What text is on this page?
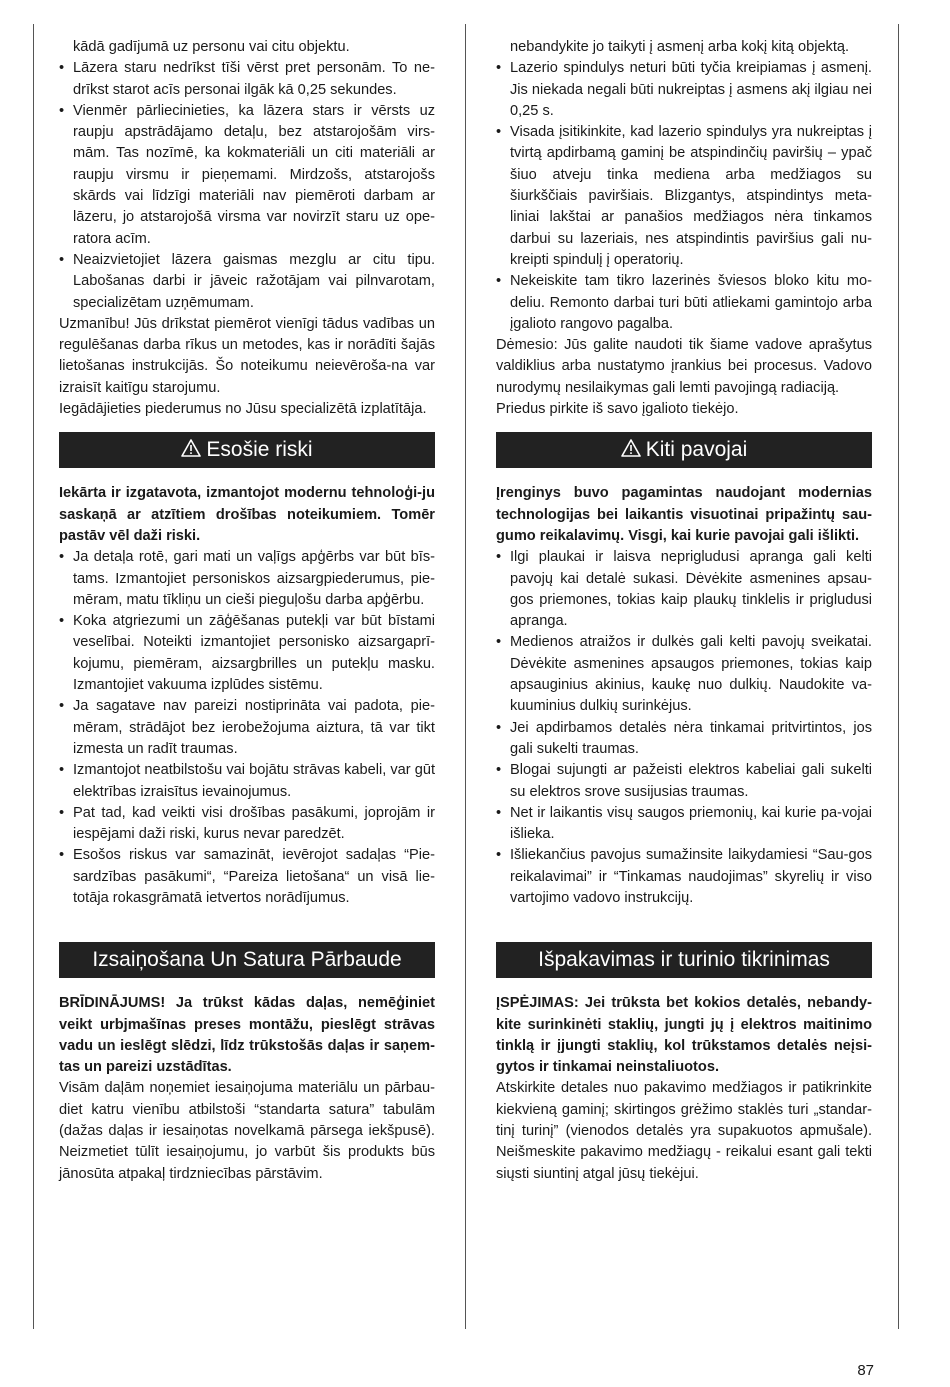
kādā gadījumā uz personu vai citu objektu.

• Lāzera staru nedrīkst tīši vērst pret personām. To ne-drīkst starot acīs personai ilgāk kā 0,25 sekundes.
• Vienmēr pārliecinieties, ka lāzera stars ir vērsts uz raupju apstrādājamo detaļu, bez atstarojošām virs-mām. Tas nozīmē, ka kokmateriāli un citi materiāli ar raupju virsmu ir pieņemami. Mirdzošs, atstarojošs skārds vai līdzīgi materiāli nav piemēroti darbam ar lāzeru, jo atstarojošā virsma var novirzīt staru uz ope-ratora acīm.
• Neaizvietojiet lāzera gaismas mezglu ar citu tipu. Labošanas darbi ir jāveic ražotājam vai pilnvarotam, specializētam uzņēmumam.

Uzmanību! Jūs drīkstat piemērot vienīgi tādus vadības un regulēšanas darba rīkus un metodes, kas ir norādīti šajās lietošanas instrukcijās. Šo noteikumu neievēroša-na var izraisīt kaitīgu starojumu.

Iegādājieties piederumus no Jūsu specializētā izplatītāja.

Esošie riski

Iekārta ir izgatavota, izmantojot modernu tehnoloģi-ju saskaņā ar atzītiem drošības noteikumiem. Tomēr pastāv vēl daži riski.

• Ja detaļa rotē, gari mati un vaļīgs apģērbs var būt bīs-tams. Izmantojiet personiskos aizsargpiederumus, pie-mēram, matu tīkliņu un cieši pieguļošu darba apģērbu.
• Koka atgriezumi un zāģēšanas putekļi var būt bīstami veselībai. Noteikti izmantojiet personisko aizsargaprī-kojumu, piemēram, aizsargbrilles un putekļu masku. Izmantojiet vakuuma izplūdes sistēmu.
• Ja sagatave nav pareizi nostiprināta vai padota, pie-mēram, strādājot bez ierobežojuma aiztura, tā var tikt izmesta un radīt traumas.
• Izmantojot neatbilstošu vai bojātu strāvas kabeli, var gūt elektrības izraisītus ievainojumus.
• Pat tad, kad veikti visi drošības pasākumi, joprojām ir iespējami daži riski, kurus nevar paredzēt.
• Esošos riskus var samazināt, ievērojot sadaļas “Pie-sardzības pasākumi“, “Pareiza lietošana“ un visā lie-totāja rokasgrāmatā ietvertos norādījumus.
Izsaiņošana Un Satura Pārbaude

BRĪDINĀJUMS! Ja trūkst kādas daļas, nemēģiniet veikt urbjmašīnas preses montāžu, pieslēgt strāvas vadu un ieslēgt slēdzi, līdz trūkstošās daļas ir saņem-tas un pareizi uzstādītas.

Visām daļām noņemiet iesaiņojuma materiālu un pārbau-diet katru vienību atbilstoši “standarta satura” tabulām (dažas daļas ir iesaiņotas novelkamā pārsega iekšpusē). Neizmetiet tūlīt iesaiņojumu, jo varbūt šis produkts būs jānosūta atpakaļ tirdzniecības pārstāvim.

nebandykite jo taikyti į asmenį arba kokį kitą objektą.

• Lazerio spindulys neturi būti tyčia kreipiamas į asmenį. Jis niekada negali būti nukreiptas į asmens akį ilgiau nei 0,25 s.
• Visada įsitikinkite, kad lazerio spindulys yra nukreiptas į tvirtą apdirbamą gaminį be atspindinčių paviršių – ypač šiuo atveju tinka mediena arba medžiagos su šiurkščiais paviršiais. Blizgantys, atspindintys meta-liniai lakštai ar panašios medžiagos nėra tinkamos darbui su lazeriais, nes atspindintis paviršius gali nu-kreipti spindulį į operatorių.
• Nekeiskite tam tikro lazerinės šviesos bloko kitu mo-deliu. Remonto darbai turi būti atliekami gamintojo arba įgalioto rangovo pagalba.

Dėmesio: Jūs galite naudoti tik šiame vadove aprašytus valdiklius arba nustatymo įrankius bei procesus. Vadovo nurodymų nesilaikymas gali lemti pavojingą radiaciją.

Priedus pirkite iš savo įgalioto tiekėjo.

Kiti pavojai

Įrenginys buvo pagamintas naudojant modernias technologijas bei laikantis visuotinai pripažintų sau-gumo reikalavimų. Visgi, kai kurie pavojai gali išlikti.

• Ilgi plaukai ir laisva neprigludusi apranga gali kelti pavojų kai detalė sukasi. Dėvėkite asmenines apsau-gos priemones, tokias kaip plaukų tinklelis ir prigludusi apranga.
• Medienos atraižos ir dulkės gali kelti pavojų sveikatai. Dėvėkite asmenines apsaugos priemones, tokias kaip apsauginius akinius, kaukę nuo dulkių. Naudokite va-kuuminius dulkių surinkėjus.
• Jei apdirbamos detalės nėra tinkamai pritvirtintos, jos gali sukelti traumas.
• Blogai sujungti ar pažeisti elektros kabeliai gali sukelti su elektros srove susijusias traumas.
• Net ir laikantis visų saugos priemonių, kai kurie pa-vojai išlieka.
• Išliekančius pavojus sumažinsite laikydamiesi “Sau-gos reikalavimai” ir “Tinkamas naudojimas” skyrelių ir viso vartojimo vadovo instrukcijų.
Išpakavimas ir turinio tikrinimas

ĮSPĖJIMAS: Jei trūksta bet kokios detalės, nebandy-kite surinkinėti staklių, jungti jų į elektros maitinimo tinklą ir įjungti staklių, kol trūkstamos detalės neįsi-gytos ir tinkamai neinstaliuotos.

Atskirkite detales nuo pakavimo medžiagos ir patikrinkite kiekvieną gaminį; skirtingos grėžimo staklės turi „standar-tinį turinį” (vienodos detalės yra supakuotos apmušale). Neišmeskite pakavimo medžiagų - reikalui esant gali tekti siųsti siuntinį atgal jūsų tiekėjui.

87
